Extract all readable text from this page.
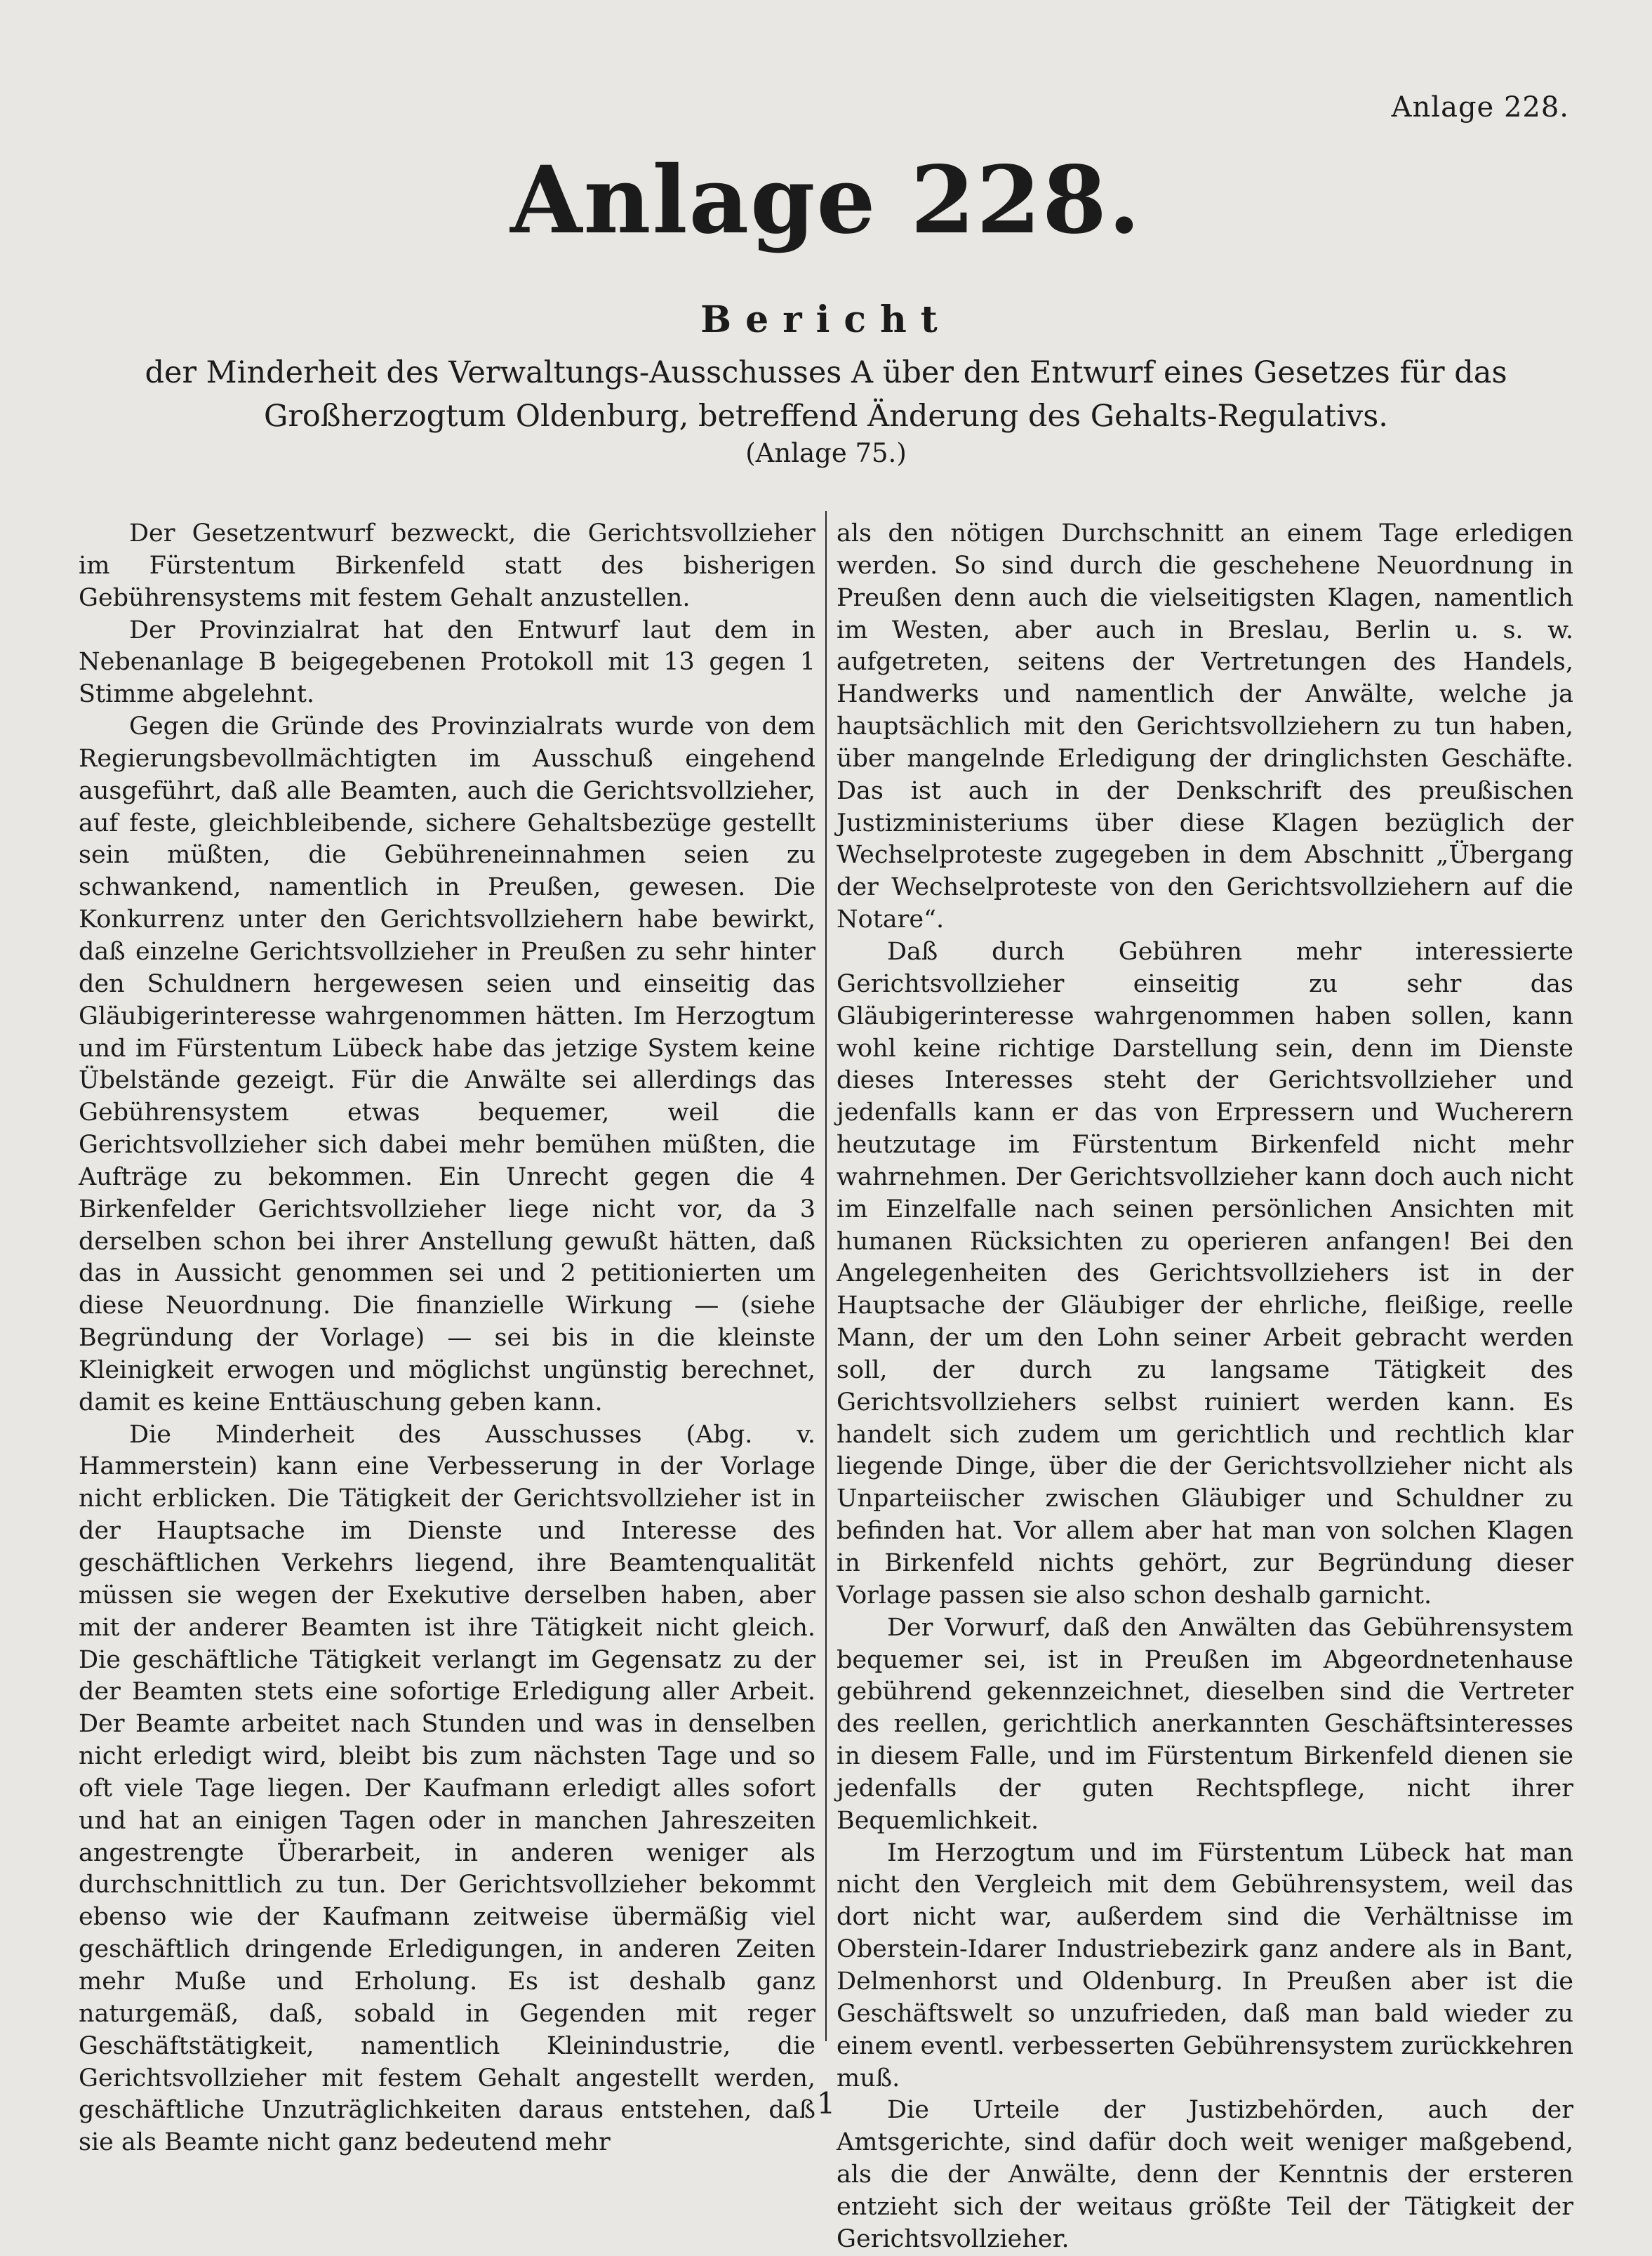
Anlage 228.
Anlage 228.
Bericht
der Minderheit des Verwaltungs-Ausschusses A über den Entwurf eines Gesetzes für das Großherzogtum Oldenburg, betreffend Änderung des Gehalts-Regulativs.
(Anlage 75.)

Der Gesetzentwurf bezweckt, die Gerichtsvollzieher im Fürstentum Birkenfeld statt des bisherigen Gebührensystems mit festem Gehalt anzustellen.

Der Provinzialrat hat den Entwurf laut dem in Nebenanlage B beigegebenen Protokoll mit 13 gegen 1 Stimme abgelehnt.

Gegen die Gründe des Provinzialrats wurde von dem Regierungsbevollmächtigten im Ausschuß eingehend ausgeführt, daß alle Beamten, auch die Gerichtsvollzieher, auf feste, gleichbleibende, sichere Gehaltsbezüge gestellt sein müßten, die Gebühreneinnahmen seien zu schwankend, namentlich in Preußen, gewesen. Die Konkurrenz unter den Gerichtsvollziehern habe bewirkt, daß einzelne Gerichtsvollzieher in Preußen zu sehr hinter den Schuldnern hergewesen seien und einseitig das Gläubigerinteresse wahrgenommen hätten. Im Herzogtum und im Fürstentum Lübeck habe das jetzige System keine Übelstände gezeigt. Für die Anwälte sei allerdings das Gebührensystem etwas bequemer, weil die Gerichtsvollzieher sich dabei mehr bemühen müßten, die Aufträge zu bekommen. Ein Unrecht gegen die 4 Birkenfelder Gerichtsvollzieher liege nicht vor, da 3 derselben schon bei ihrer Anstellung gewußt hätten, daß das in Aussicht genommen sei und 2 petitionierten um diese Neuordnung. Die finanzielle Wirkung — (siehe Begründung der Vorlage) — sei bis in die kleinste Kleinigkeit erwogen und möglichst ungünstig berechnet, damit es keine Enttäuschung geben kann.

Die Minderheit des Ausschusses (Abg. v. Hammerstein) kann eine Verbesserung in der Vorlage nicht erblicken. Die Tätigkeit der Gerichtsvollzieher ist in der Hauptsache im Dienste und Interesse des geschäftlichen Verkehrs liegend, ihre Beamtenqualität müssen sie wegen der Exekutive derselben haben, aber mit der anderer Beamten ist ihre Tätigkeit nicht gleich. Die geschäftliche Tätigkeit verlangt im Gegensatz zu der der Beamten stets eine sofortige Erledigung aller Arbeit. Der Beamte arbeitet nach Stunden und was in denselben nicht erledigt wird, bleibt bis zum nächsten Tage und so oft viele Tage liegen. Der Kaufmann erledigt alles sofort und hat an einigen Tagen oder in manchen Jahreszeiten angestrengte Überarbeit, in anderen weniger als durchschnittlich zu tun. Der Gerichtsvollzieher bekommt ebenso wie der Kaufmann zeitweise übermäßig viel geschäftlich dringende Erledigungen, in anderen Zeiten mehr Muße und Erholung. Es ist deshalb ganz naturgemäß, daß, sobald in Gegenden mit reger Geschäftstätigkeit, namentlich Kleinindustrie, die Gerichtsvollzieher mit festem Gehalt angestellt werden, geschäftliche Unzuträglichkeiten daraus entstehen, daß sie als Beamte nicht ganz bedeutend mehr

als den nötigen Durchschnitt an einem Tage erledigen werden. So sind durch die geschehene Neuordnung in Preußen denn auch die vielseitigsten Klagen, namentlich im Westen, aber auch in Breslau, Berlin u. s. w. aufgetreten, seitens der Vertretungen des Handels, Handwerks und namentlich der Anwälte, welche ja hauptsächlich mit den Gerichtsvollziehern zu tun haben, über mangelnde Erledigung der dringlichsten Geschäfte. Das ist auch in der Denkschrift des preußischen Justizministeriums über diese Klagen bezüglich der Wechselproteste zugegeben in dem Abschnitt „Übergang der Wechselproteste von den Gerichtsvollziehern auf die Notare“.

Daß durch Gebühren mehr interessierte Gerichtsvollzieher einseitig zu sehr das Gläubigerinteresse wahrgenommen haben sollen, kann wohl keine richtige Darstellung sein, denn im Dienste dieses Interesses steht der Gerichtsvollzieher und jedenfalls kann er das von Erpressern und Wucherern heutzutage im Fürstentum Birkenfeld nicht mehr wahrnehmen. Der Gerichtsvollzieher kann doch auch nicht im Einzelfalle nach seinen persönlichen Ansichten mit humanen Rücksichten zu operieren anfangen! Bei den Angelegenheiten des Gerichtsvollziehers ist in der Hauptsache der Gläubiger der ehrliche, fleißige, reelle Mann, der um den Lohn seiner Arbeit gebracht werden soll, der durch zu langsame Tätigkeit des Gerichtsvollziehers selbst ruiniert werden kann. Es handelt sich zudem um gerichtlich und rechtlich klar liegende Dinge, über die der Gerichtsvollzieher nicht als Unparteiischer zwischen Gläubiger und Schuldner zu befinden hat. Vor allem aber hat man von solchen Klagen in Birkenfeld nichts gehört, zur Begründung dieser Vorlage passen sie also schon deshalb garnicht.

Der Vorwurf, daß den Anwälten das Gebührensystem bequemer sei, ist in Preußen im Abgeordnetenhause gebührend gekennzeichnet, dieselben sind die Vertreter des reellen, gerichtlich anerkannten Geschäftsinteresses in diesem Falle, und im Fürstentum Birkenfeld dienen sie jedenfalls der guten Rechtspflege, nicht ihrer Bequemlichkeit.

Im Herzogtum und im Fürstentum Lübeck hat man nicht den Vergleich mit dem Gebührensystem, weil das dort nicht war, außerdem sind die Verhältnisse im Oberstein-Idarer Industriebezirk ganz andere als in Bant, Delmenhorst und Oldenburg. In Preußen aber ist die Geschäftswelt so unzufrieden, daß man bald wieder zu einem eventl. verbesserten Gebührensystem zurückkehren muß.

Die Urteile der Justizbehörden, auch der Amtsgerichte, sind dafür doch weit weniger maßgebend, als die der Anwälte, denn der Kenntnis der ersteren entzieht sich der weitaus größte Teil der Tätigkeit der Gerichtsvollzieher.

1
